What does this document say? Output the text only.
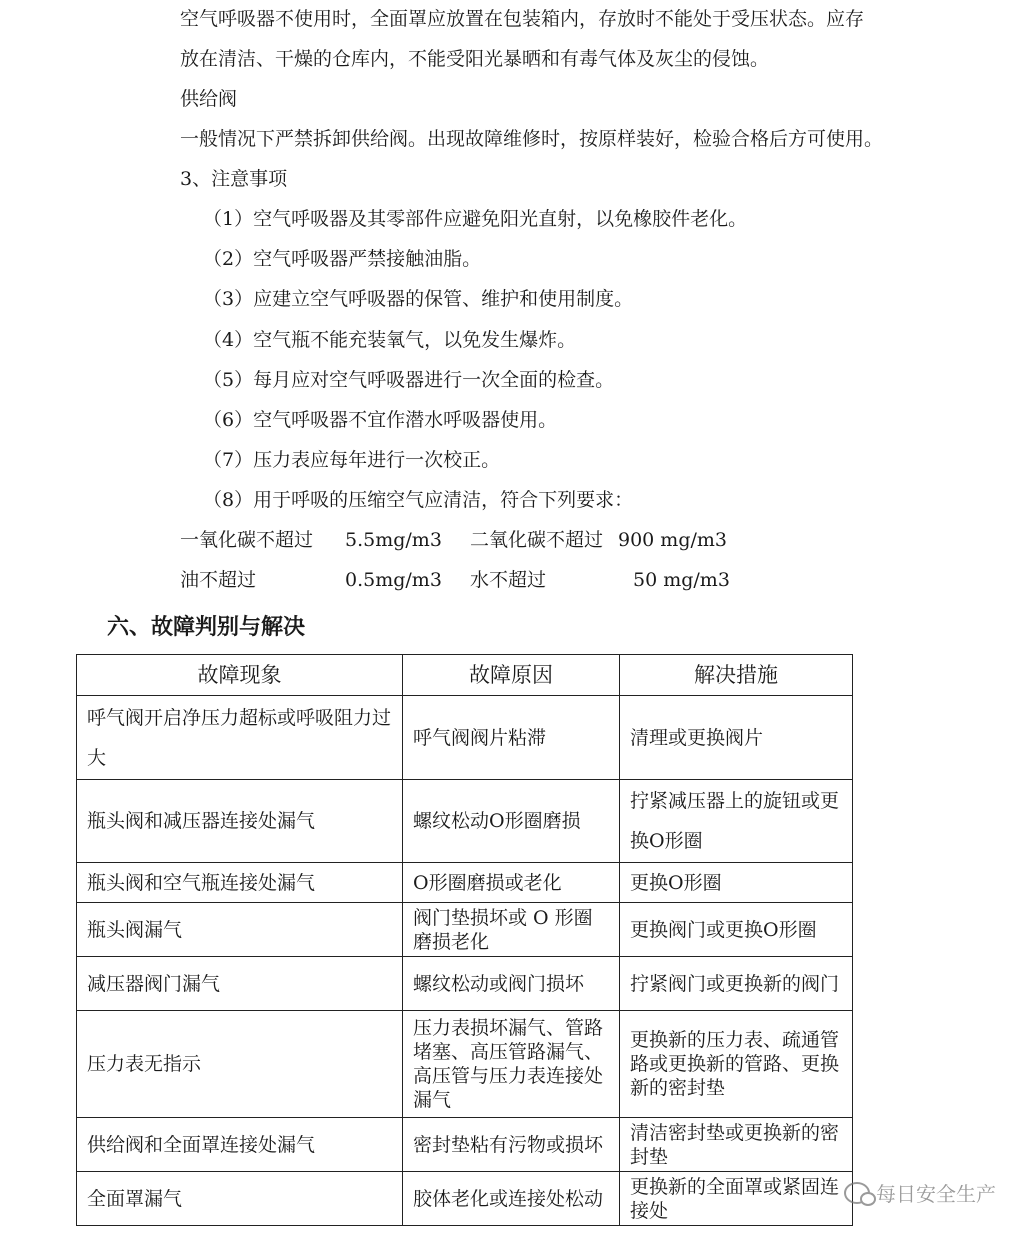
空气呼吸器不使用时，全面罩应放置在包装箱内，存放时不能处于受压状态。应存
放在清洁、干燥的仓库内，不能受阳光暴晒和有毒气体及灰尘的侵蚀。
供给阀
一般情况下严禁拆卸供给阀。出现故障维修时，按原样装好，检验合格后方可使用。
3、注意事项
（1）空气呼吸器及其零部件应避免阳光直射，以免橡胶件老化。
（2）空气呼吸器严禁接触油脂。
（3）应建立空气呼吸器的保管、维护和使用制度。
（4）空气瓶不能充装氧气，以免发生爆炸。
（5）每月应对空气呼吸器进行一次全面的检查。
（6）空气呼吸器不宜作潜水呼吸器使用。
（7）压力表应每年进行一次校正。
（8）用于呼吸的压缩空气应清洁，符合下列要求：
一氧化碳不超过 5.5mg/m3 二氧化碳不超过 900 mg/m3
油不超过	0.5mg/m3 水不超过	50 mg/m3
六、故障判别与解决
故障现象	故障原因	解决措施
呼气阀开启净压力超标或呼吸阻力过大	呼气阀阀片粘滞	清理或更换阀片
瓶头阀和减压器连接处漏气	螺纹松动O形圈磨损	拧紧减压器上的旋钮或更换O形圈
瓶头阀和空气瓶连接处漏气	O形圈磨损或老化	更换O形圈
瓶头阀漏气	阀门垫损坏或 O 形圈磨损老化	更换阀门或更换O形圈
减压器阀门漏气	螺纹松动或阀门损坏	拧紧阀门或更换新的阀门
压力表无指示	压力表损坏漏气、管路堵塞、高压管路漏气、高压管与压力表连接处漏气	更换新的压力表、疏通管路或更换新的管路、更换新的密封垫
供给阀和全面罩连接处漏气	密封垫粘有污物或损坏	清洁密封垫或更换新的密封垫
全面罩漏气	胶体老化或连接处松动	更换新的全面罩或紧固连接处
每日安全生产
